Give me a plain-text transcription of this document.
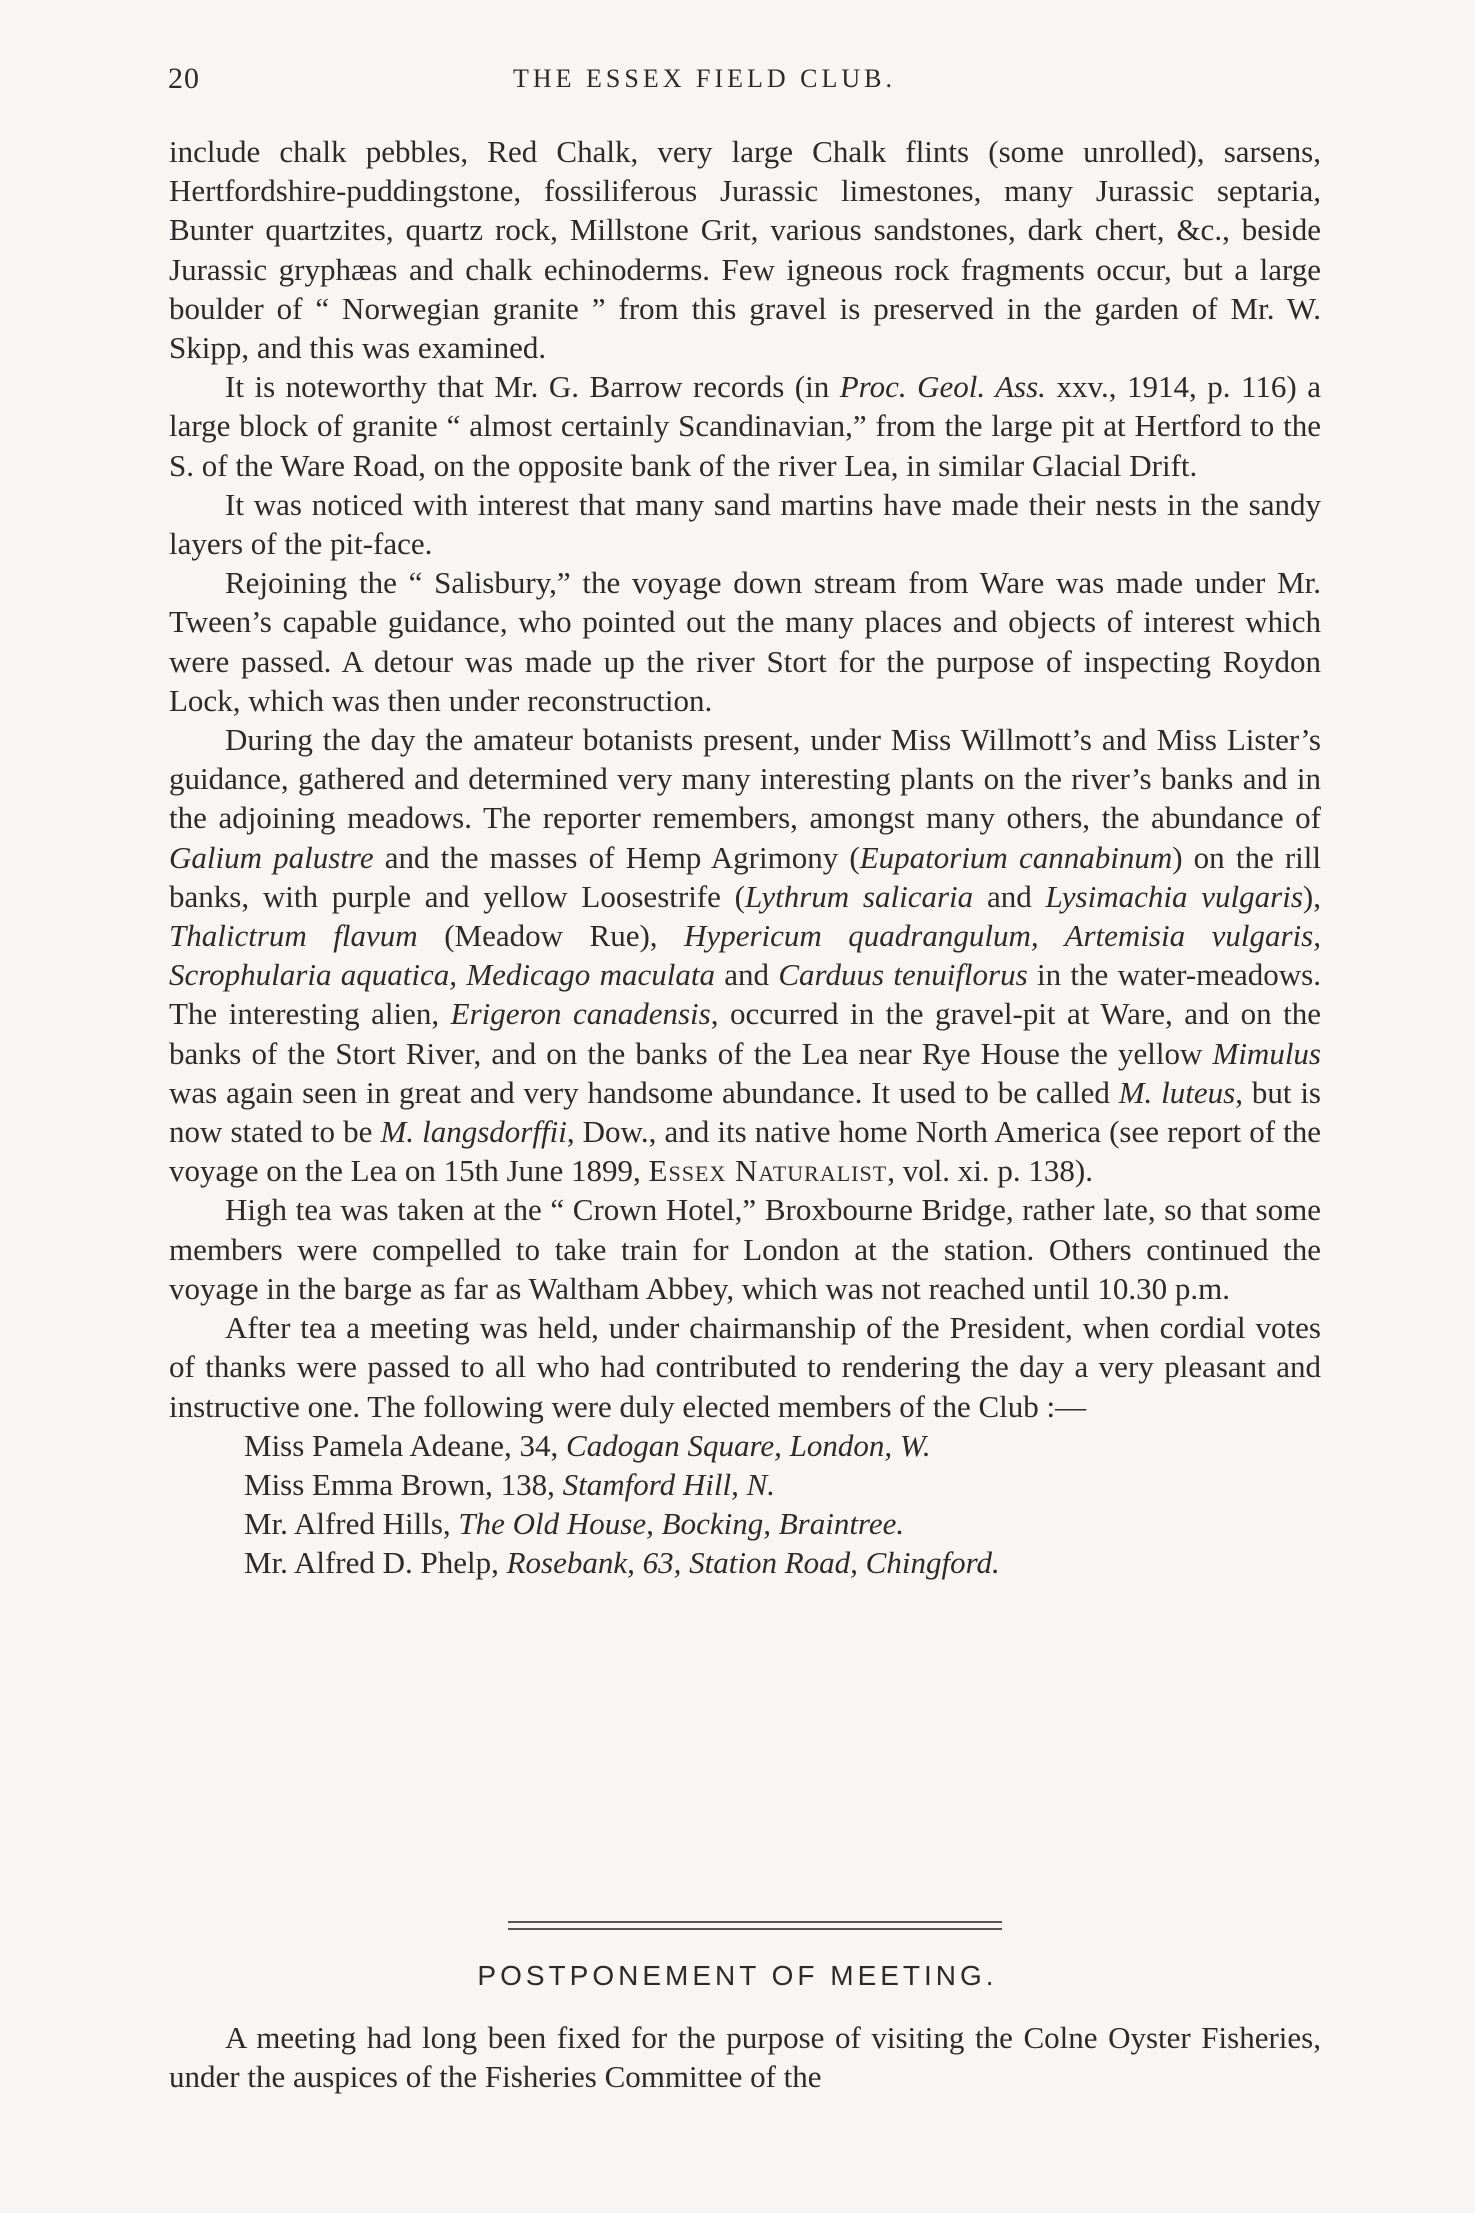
20	THE ESSEX FIELD CLUB.

include chalk pebbles, Red Chalk, very large Chalk flints (some unrolled), sarsens, Hertfordshire-puddingstone, fossiliferous Jurassic limestones, many Jurassic septaria, Bunter quartzites, quartz rock, Millstone Grit, various sandstones, dark chert, &c., beside Jurassic gryphæas and chalk echinoderms. Few igneous rock fragments occur, but a large boulder of “ Norwegian granite ” from this gravel is preserved in the garden of Mr. W. Skipp, and this was examined.

It is noteworthy that Mr. G. Barrow records (in Proc. Geol. Ass. xxv., 1914, p. 116) a large block of granite “ almost certainly Scandinavian,” from the large pit at Hertford to the S. of the Ware Road, on the opposite bank of the river Lea, in similar Glacial Drift.

It was noticed with interest that many sand martins have made their nests in the sandy layers of the pit-face.

Rejoining the “ Salisbury,” the voyage down stream from Ware was made under Mr. Tween’s capable guidance, who pointed out the many places and objects of interest which were passed. A detour was made up the river Stort for the purpose of inspecting Roydon Lock, which was then under reconstruction.

During the day the amateur botanists present, under Miss Willmott’s and Miss Lister’s guidance, gathered and determined very many interesting plants on the river’s banks and in the adjoining meadows. The reporter remembers, amongst many others, the abundance of Galium palustre and the masses of Hemp Agrimony (Eupatorium cannabinum) on the rill banks, with purple and yellow Loosestrife (Lythrum salicaria and Lysimachia vulgaris), Thalictrum flavum (Meadow Rue), Hypericum quadrangulum, Artemisia vulgaris, Scrophularia aquatica, Medicago maculata and Carduus tenuiflorus in the water-meadows. The interesting alien, Erigeron canadensis, occurred in the gravel-pit at Ware, and on the banks of the Stort River, and on the banks of the Lea near Rye House the yellow Mimulus was again seen in great and very handsome abundance. It used to be called M. luteus, but is now stated to be M. langsdorffii, Dow., and its native home North America (see report of the voyage on the Lea on 15th June 1899, Essex Naturalist, vol. xi. p. 138).

High tea was taken at the “ Crown Hotel,” Broxbourne Bridge, rather late, so that some members were compelled to take train for London at the station. Others continued the voyage in the barge as far as Waltham Abbey, which was not reached until 10.30 p.m.

After tea a meeting was held, under chairmanship of the President, when cordial votes of thanks were passed to all who had contributed to rendering the day a very pleasant and instructive one. The following were duly elected members of the Club :—

Miss Pamela Adeane, 34, Cadogan Square, London, W.
Miss Emma Brown, 138, Stamford Hill, N.
Mr. Alfred Hills, The Old House, Bocking, Braintree.
Mr. Alfred D. Phelp, Rosebank, 63, Station Road, Chingford.
POSTPONEMENT OF MEETING.

A meeting had long been fixed for the purpose of visiting the Colne Oyster Fisheries, under the auspices of the Fisheries Committee of the
